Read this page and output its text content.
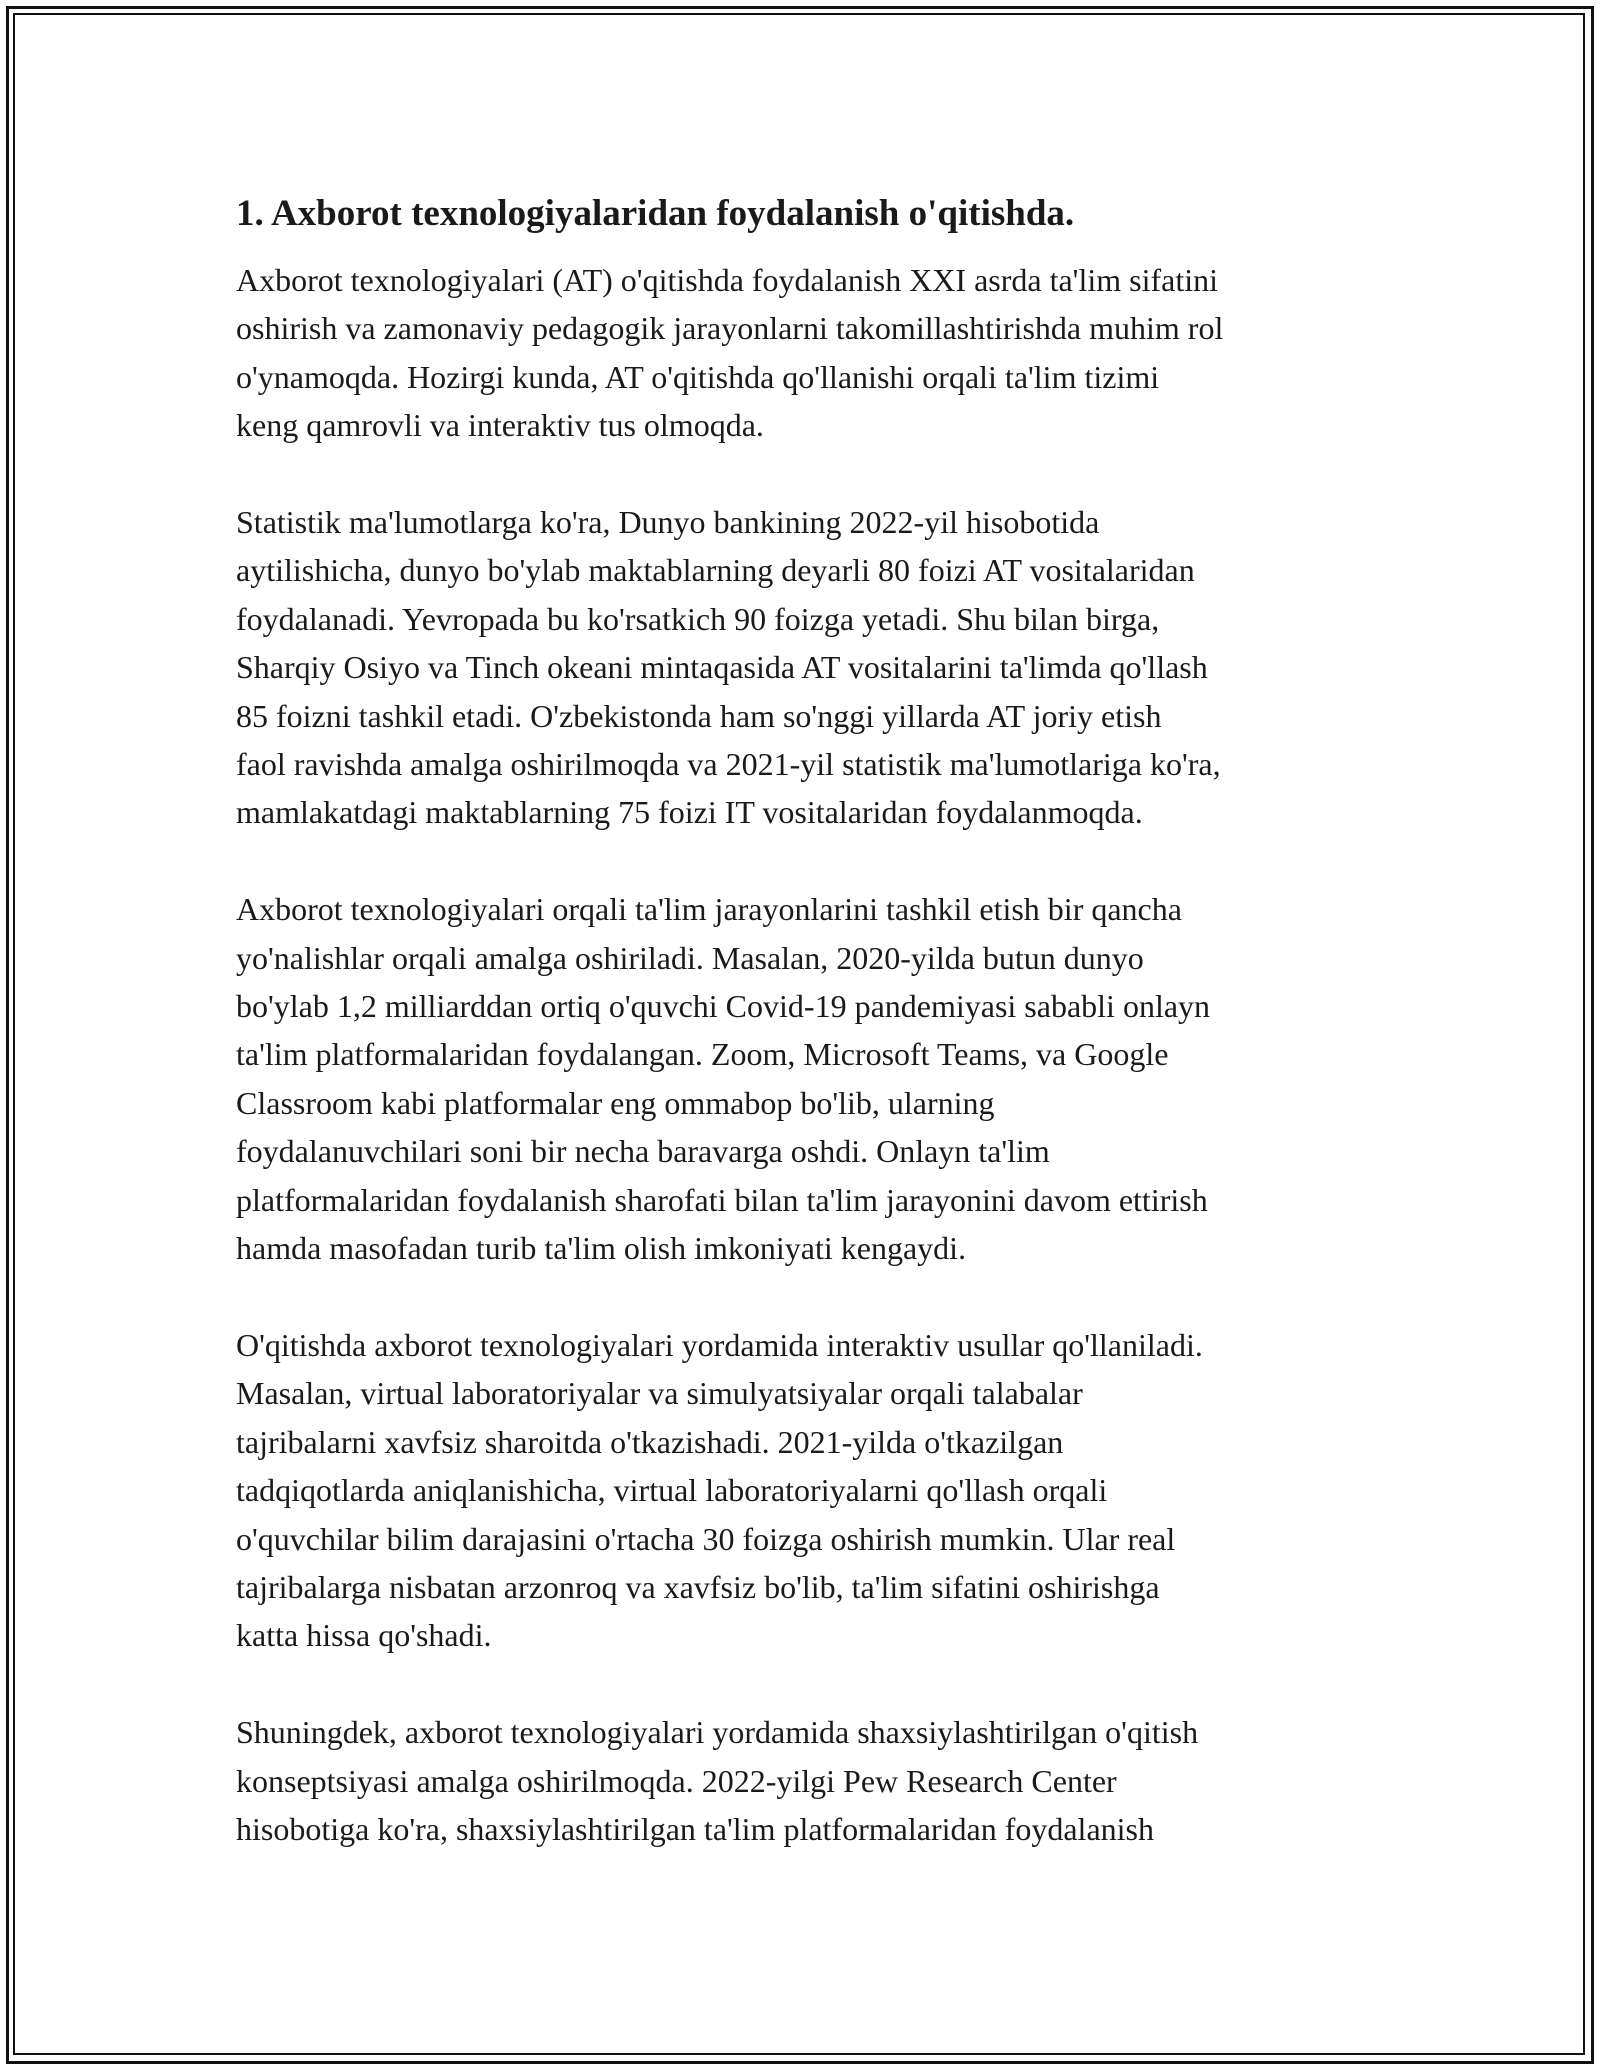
1. Axborot texnologiyalaridan foydalanish o'qitishda.

Axborot texnologiyalari (AT) o'qitishda foydalanish XXI asrda ta'lim sifatini
oshirish va zamonaviy pedagogik jarayonlarni takomillashtirishda muhim rol
o'ynamoqda. Hozirgi kunda, AT o'qitishda qo'llanishi orqali ta'lim tizimi
keng qamrovli va interaktiv tus olmoqda.

Statistik ma'lumotlarga ko'ra, Dunyo bankining 2022-yil hisobotida
aytilishicha, dunyo bo'ylab maktablarning deyarli 80 foizi AT vositalaridan
foydalanadi. Yevropada bu ko'rsatkich 90 foizga yetadi. Shu bilan birga,
Sharqiy Osiyo va Tinch okeani mintaqasida AT vositalarini ta'limda qo'llash
85 foizni tashkil etadi. O'zbekistonda ham so'nggi yillarda AT joriy etish
faol ravishda amalga oshirilmoqda va 2021-yil statistik ma'lumotlariga ko'ra,
mamlakatdagi maktablarning 75 foizi IT vositalaridan foydalanmoqda.

Axborot texnologiyalari orqali ta'lim jarayonlarini tashkil etish bir qancha
yo'nalishlar orqali amalga oshiriladi. Masalan, 2020-yilda butun dunyo
bo'ylab 1,2 milliarddan ortiq o'quvchi Covid-19 pandemiyasi sababli onlayn
ta'lim platformalaridan foydalangan. Zoom, Microsoft Teams, va Google
Classroom kabi platformalar eng ommabop bo'lib, ularning
foydalanuvchilari soni bir necha baravarga oshdi. Onlayn ta'lim
platformalaridan foydalanish sharofati bilan ta'lim jarayonini davom ettirish
hamda masofadan turib ta'lim olish imkoniyati kengaydi.

O'qitishda axborot texnologiyalari yordamida interaktiv usullar qo'llaniladi.
Masalan, virtual laboratoriyalar va simulyatsiyalar orqali talabalar
tajribalarni xavfsiz sharoitda o'tkazishadi. 2021-yilda o'tkazilgan
tadqiqotlarda aniqlanishicha, virtual laboratoriyalarni qo'llash orqali
o'quvchilar bilim darajasini o'rtacha 30 foizga oshirish mumkin. Ular real
tajribalarga nisbatan arzonroq va xavfsiz bo'lib, ta'lim sifatini oshirishga
katta hissa qo'shadi.

Shuningdek, axborot texnologiyalari yordamida shaxsiylashtirilgan o'qitish
konseptsiyasi amalga oshirilmoqda. 2022-yilgi Pew Research Center
hisobotiga ko'ra, shaxsiylashtirilgan ta'lim platformalaridan foydalanish
